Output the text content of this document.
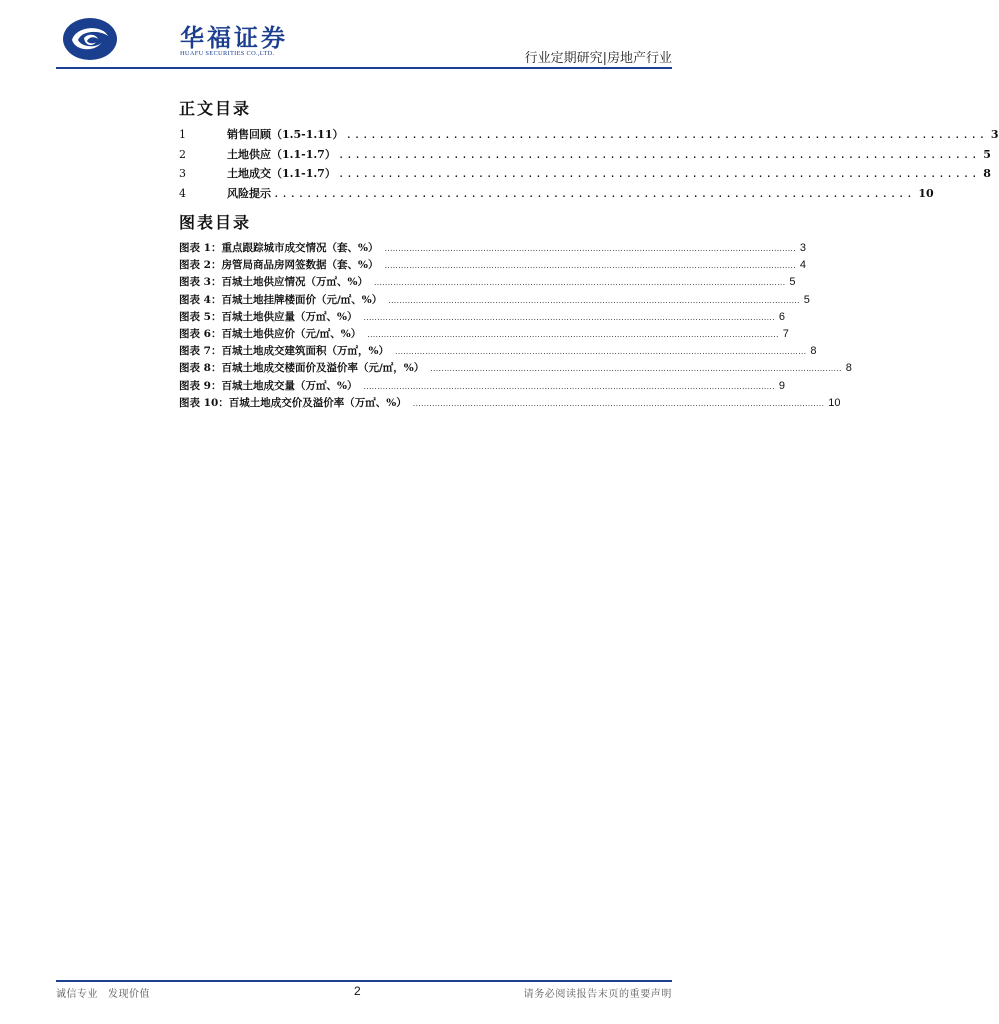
华福证券
HUAFU SECURITIES CO.,LTD.	行业定期研究|房地产行业
正文目录
1	销售回顾（1.5-1.11） .............................................................................. 3
2	土地供应（1.1-1.7） .............................................................................. 5
3	土地成交（1.1-1.7） .............................................................................. 8
4	风险提示 .............................................................................. 10
图表目录
图表 1：重点跟踪城市成交情况（套、%） ...................................................................................................................................................... 3
图表 2：房管局商品房网签数据（套、%） ...................................................................................................................................................... 4
图表 3：百城土地供应情况（万㎡、%） ...................................................................................................................................................... 5
图表 4：百城土地挂牌楼面价（元/㎡、%） ...................................................................................................................................................... 5
图表 5：百城土地供应量（万㎡、%） ...................................................................................................................................................... 6
图表 6：百城土地供应价（元/㎡、%） ...................................................................................................................................................... 7
图表 7：百城土地成交建筑面积（万㎡，%） ...................................................................................................................................................... 8
图表 8：百城土地成交楼面价及溢价率（元/㎡，%） ...................................................................................................................................................... 8
图表 9：百城土地成交量（万㎡、%） ...................................................................................................................................................... 9
图表 10：百城土地成交价及溢价率（万㎡、%） ...................................................................................................................................................... 10
诚信专业 发现价值	2	请务必阅读报告末页的重要声明
